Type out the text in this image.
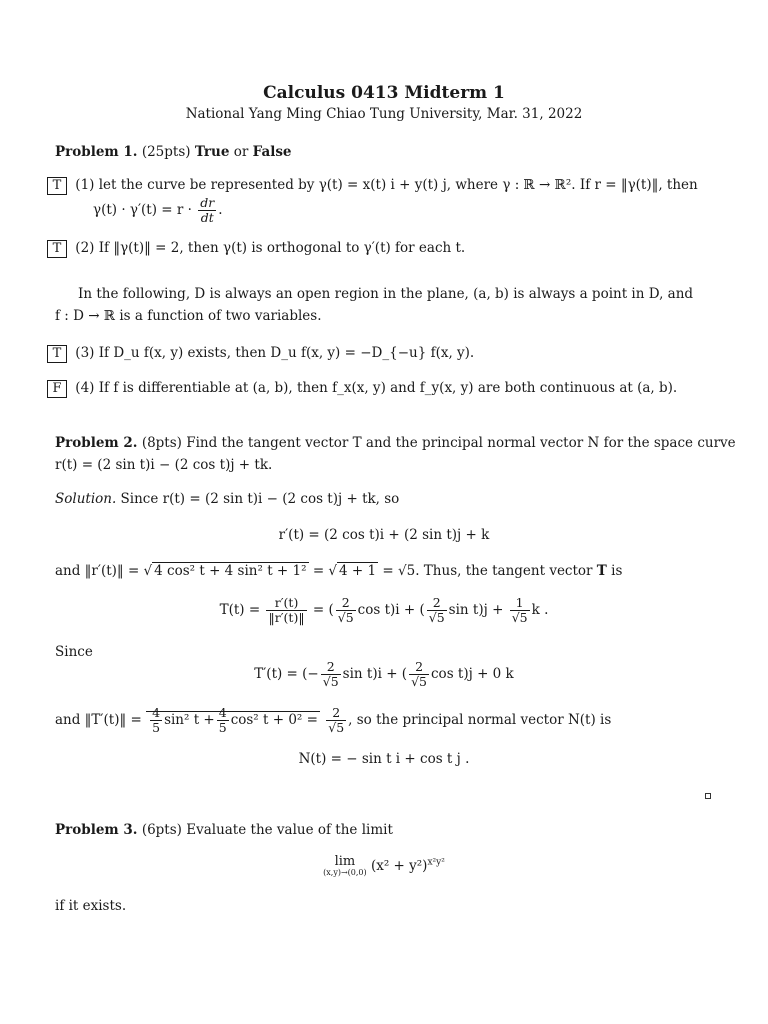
Calculus 0413 Midterm 1
National Yang Ming Chiao Tung University, Mar. 31, 2022
Problem 1. (25pts) True or False
T (1) let the curve be represented by γ(t) = x(t) i + y(t) j, where γ : ℝ → ℝ². If r = ‖γ(t)‖, then
$\gamma(t) \cdot \gamma'(t) = r \cdot \frac{dr}{dt}$ .
T (2) If ‖γ(t)‖ = 2, then γ(t) is orthogonal to γ′(t) for each t.
In the following, D is always an open region in the plane, (a, b) is always a point in D, and
f : D → ℝ is a function of two variables.
T (3) If D_u f(x, y) exists, then D_u f(x, y) = −D_{−u} f(x, y).
F (4) If f is differentiable at (a, b), then f_x(x, y) and f_y(x, y) are both continuous at (a, b).
Problem 2. (8pts) Find the tangent vector T and the principal normal vector N for the space curve
r(t) = (2 sin t)i − (2 cos t)j + tk.
Solution. Since r(t) = (2 sin t)i − (2 cos t)j + tk, so
r′(t) = (2 cos t)i + (2 sin t)j + k
and ‖r′(t)‖ = √ 4 cos² t + 4 sin² t + 1² = √ 4 + 1 = √5. Thus, the tangent vector T is
$T(t) = \frac{r'(t)}{‖r'(t)‖}$ = ( $\frac{2}{√5}$ cos t)i + ( $\frac{2}{√5}$ $\sin t)j + \frac{1}{√5}$ k .
Since
T′(t) = (− $\frac{2}{√5}$ sin t)i + ( $\frac{2}{√5}$ cos t)j + 0 k
and ‖T′(t)‖ = $\frac{4}{5} \sin^2$ $t + \frac{4}{5} \cos^2$ $t + 0^2 = \frac{2}{√5}$ , so the principal normal vector N(t) is
N(t) = − sin t i + cos t j .
Problem 3. (6pts) Evaluate the value of the limit
lim
(x,y)→(0,0) $(x^2 + y^2)^{x^2y^2}$
if it exists.
